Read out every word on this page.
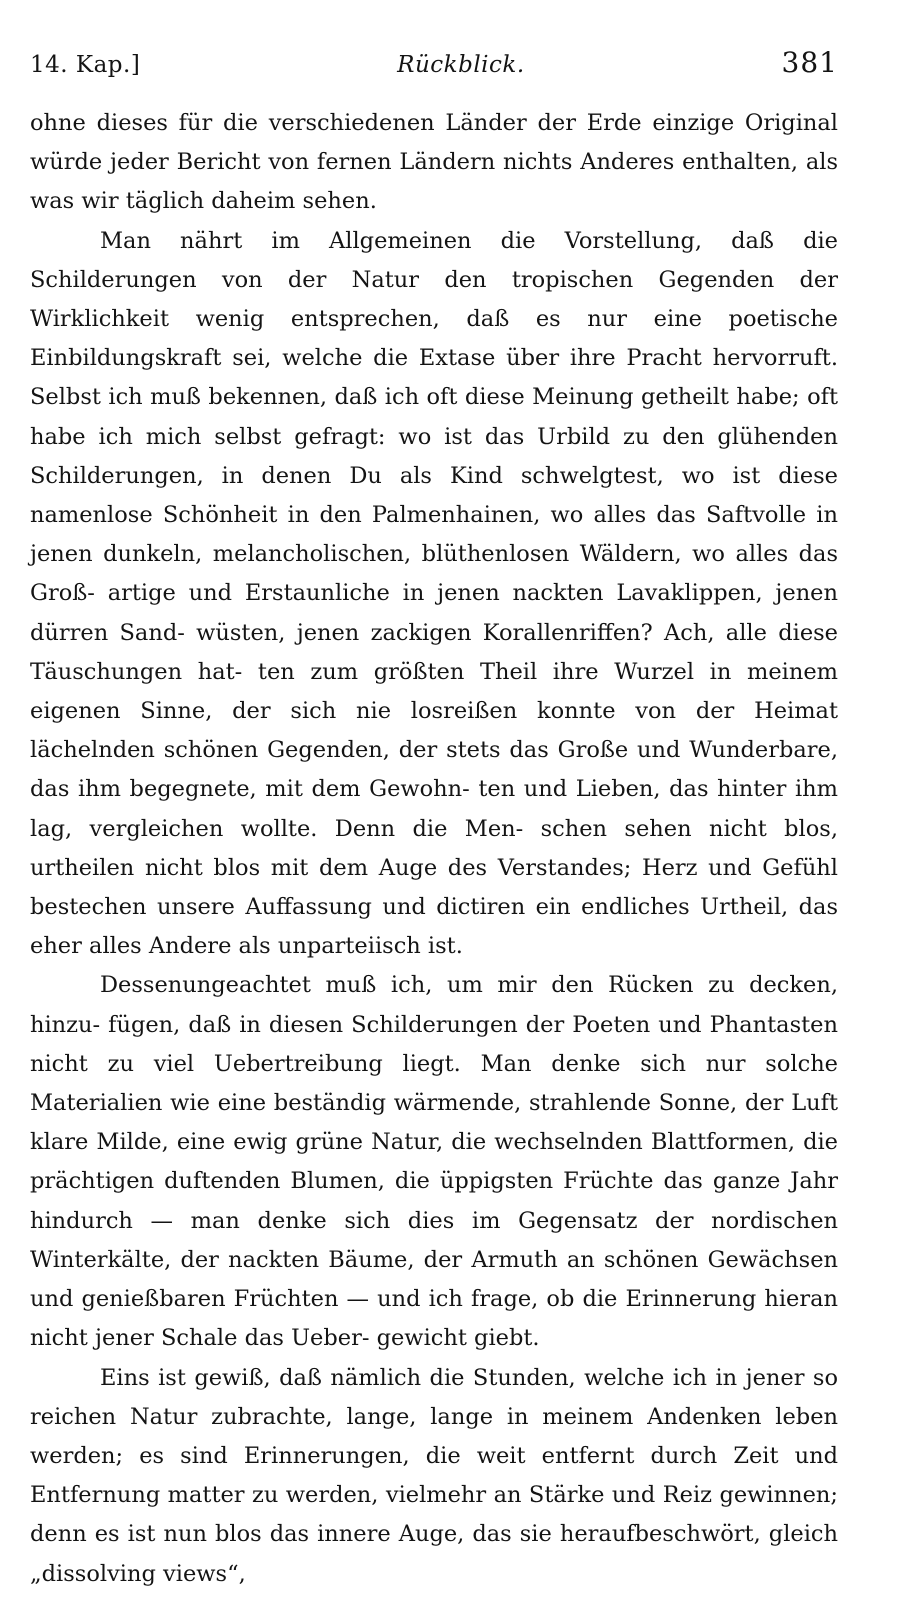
14. Kap.]	Rückblick.	381

ohne dieses für die verschiedenen Länder der Erde einzige Original würde jeder Bericht von fernen Ländern nichts Anderes enthalten, als was wir täglich daheim sehen.

Man nährt im Allgemeinen die Vorstellung, daß die Schilderungen von der Natur den tropischen Gegenden der Wirklichkeit wenig entsprechen, daß es nur eine poetische Einbildungskraft sei, welche die Extase über ihre Pracht hervorruft. Selbst ich muß bekennen, daß ich oft diese Meinung getheilt habe; oft habe ich mich selbst gefragt: wo ist das Urbild zu den glühenden Schilderungen, in denen Du als Kind schwelgtest, wo ist diese namenlose Schönheit in den Palmenhainen, wo alles das Saftvolle in jenen dunkeln, melancholischen, blüthenlosen Wäldern, wo alles das Groß- artige und Erstaunliche in jenen nackten Lavaklippen, jenen dürren Sand- wüsten, jenen zackigen Korallenriffen? Ach, alle diese Täuschungen hat- ten zum größten Theil ihre Wurzel in meinem eigenen Sinne, der sich nie losreißen konnte von der Heimat lächelnden schönen Gegenden, der stets das Große und Wunderbare, das ihm begegnete, mit dem Gewohn- ten und Lieben, das hinter ihm lag, vergleichen wollte. Denn die Men- schen sehen nicht blos, urtheilen nicht blos mit dem Auge des Verstandes; Herz und Gefühl bestechen unsere Auffassung und dictiren ein endliches Urtheil, das eher alles Andere als unparteiisch ist.

Dessenungeachtet muß ich, um mir den Rücken zu decken, hinzu- fügen, daß in diesen Schilderungen der Poeten und Phantasten nicht zu viel Uebertreibung liegt. Man denke sich nur solche Materialien wie eine beständig wärmende, strahlende Sonne, der Luft klare Milde, eine ewig grüne Natur, die wechselnden Blattformen, die prächtigen duftenden Blumen, die üppigsten Früchte das ganze Jahr hindurch — man denke sich dies im Gegensatz der nordischen Winterkälte, der nackten Bäume, der Armuth an schönen Gewächsen und genießbaren Früchten — und ich frage, ob die Erinnerung hieran nicht jener Schale das Ueber- gewicht giebt.

Eins ist gewiß, daß nämlich die Stunden, welche ich in jener so reichen Natur zubrachte, lange, lange in meinem Andenken leben werden; es sind Erinnerungen, die weit entfernt durch Zeit und Entfernung matter zu werden, vielmehr an Stärke und Reiz gewinnen; denn es ist nun blos das innere Auge, das sie heraufbeschwört, gleich „dissolving views“,
